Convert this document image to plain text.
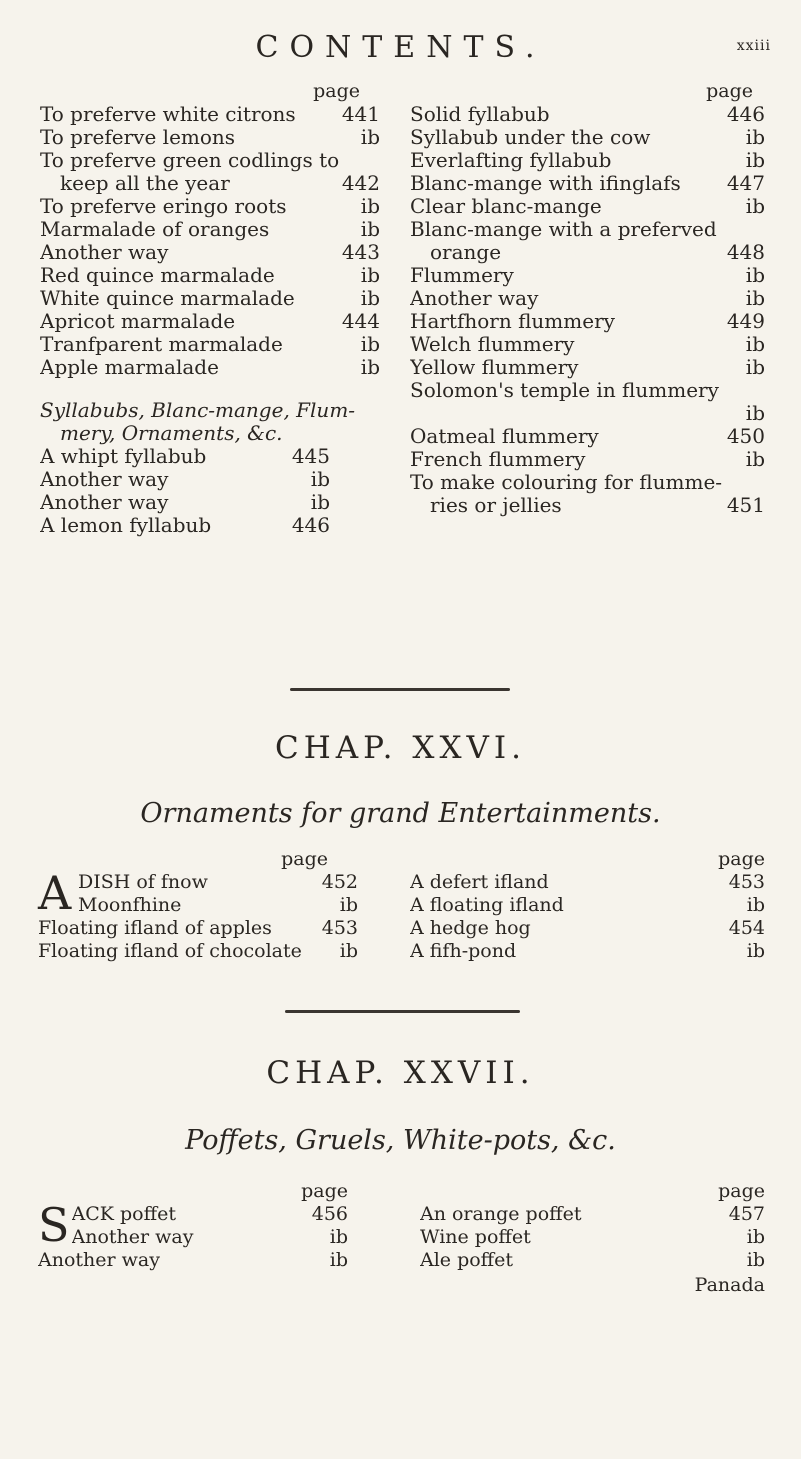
CONTENTS.	xxiii
page
To preferve white citrons	441
To preferve lemons	ib
To preferve green codlings to
keep all the year	442
To preferve eringo roots	ib
Marmalade of oranges	ib
Another way	443
Red quince marmalade	ib
White quince marmalade	ib
Apricot marmalade	444
Tranfparent marmalade	ib
Apple marmalade	ib
Syllabubs, Blanc-mange, Flum-
mery, Ornaments, &c.
A whipt fyllabub	445
Another way	ib
Another way	ib
A lemon fyllabub	446
page
Solid fyllabub	446
Syllabub under the cow	ib
Everlafting fyllabub	ib
Blanc-mange with ifinglafs	447
Clear blanc-mange	ib
Blanc-mange with a preferved
orange	448
Flummery	ib
Another way	ib
Hartfhorn flummery	449
Welch flummery	ib
Yellow flummery	ib
Solomon's temple in flummery
ib
Oatmeal flummery	450
French flummery	ib
To make colouring for flumme-
ries or jellies	451
CHAP. XXVI.
Ornaments for grand Entertainments.
page
A DISH of fnow	452
Moonfhine	ib
Floating ifland of apples	453
Floating ifland of chocolate	ib
page
A defert ifland	453
A floating ifland	ib
A hedge hog	454
A fifh-pond	ib
CHAP. XXVII.
Poffets, Gruels, White-pots, &c.
page
S ACK poffet	456
Another way	ib
Another way	ib
page
An orange poffet	457
Wine poffet	ib
Ale poffet	ib
Panada
